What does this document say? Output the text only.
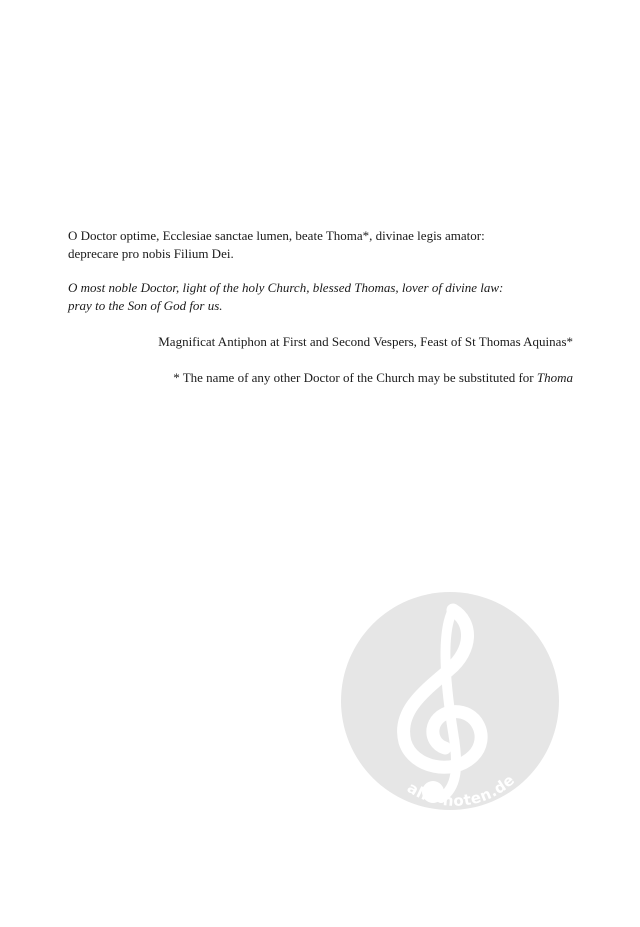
O Doctor optime, Ecclesiae sanctae lumen, beate Thoma*, divinae legis amator:
deprecare pro nobis Filium Dei.
O most noble Doctor, light of the holy Church, blessed Thomas, lover of divine law:
pray to the Son of God for us.
Magnificat Antiphon at First and Second Vespers, Feast of St Thomas Aquinas*
* The name of any other Doctor of the Church may be substituted for Thoma
alle-noten.de
